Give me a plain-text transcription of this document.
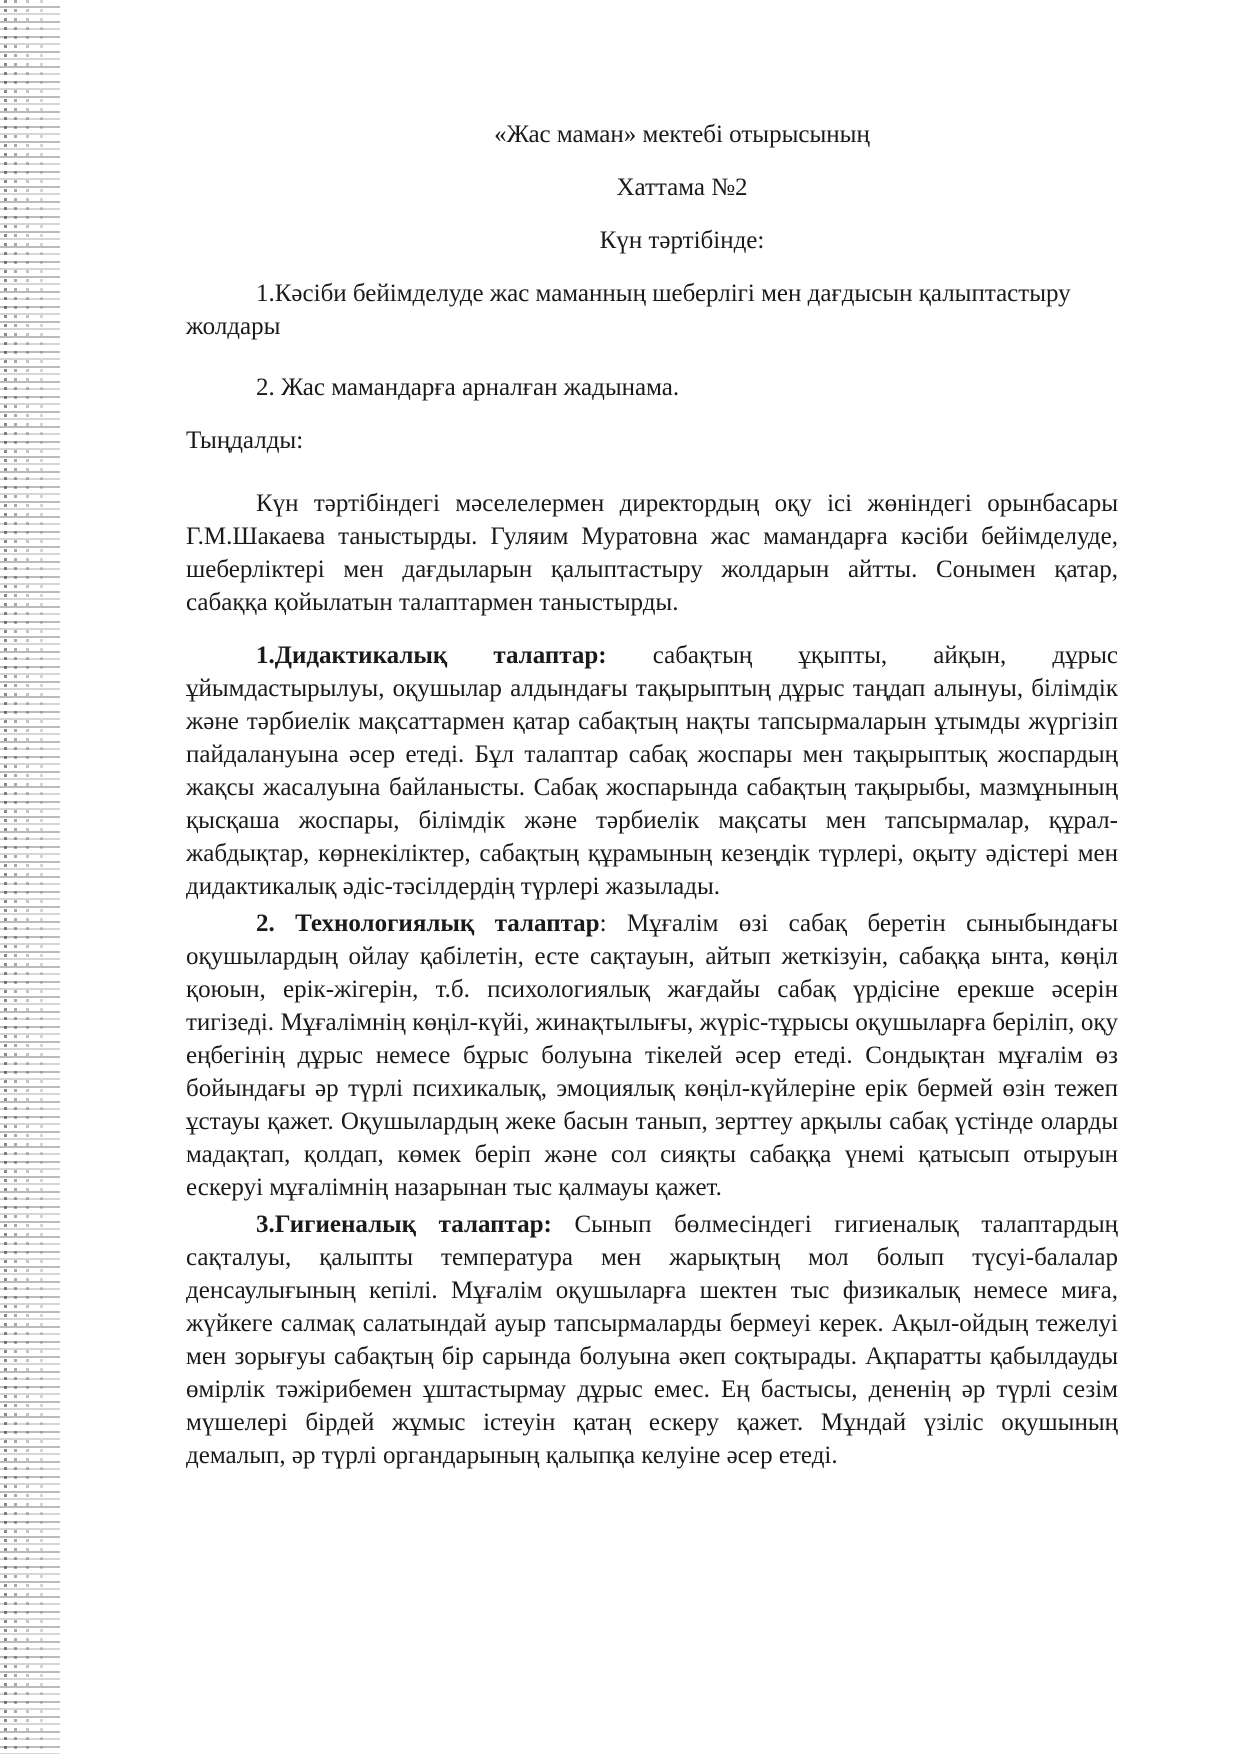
«Жас маман» мектебі отырысының

Хаттама №2

Күн тәртібінде:

1.Кәсіби бейімделуде жас маманның шеберлігі мен дағдысын қалыптастыру жолдары

2. Жас мамандарға арналған жадынама.

Тыңдалды:

Күн тәртібіндегі мәселелермен директордың оқу ісі жөніндегі орынбасары Г.М.Шакаева таныстырды. Гуляим Муратовна жас мамандарға кәсіби бейімделуде, шеберліктері мен дағдыларын қалыптастыру жолдарын айтты. Сонымен қатар, сабаққа қойылатын талаптармен таныстырды.

1.Дидактикалық талаптар: сабақтың ұқыпты, айқын, дұрыс ұйымдастырылуы, оқушылар алдындағы тақырыптың дұрыс таңдап алынуы, білімдік және тәрбиелік мақсаттармен қатар сабақтың нақты тапсырмаларын ұтымды жүргізіп пайдалануына әсер етеді. Бұл талаптар сабақ жоспары мен тақырыптық жоспардың жақсы жасалуына байланысты. Сабақ жоспарында сабақтың тақырыбы, мазмұнының қысқаша жоспары, білімдік және тәрбиелік мақсаты мен тапсырмалар, құрал-жабдықтар, көрнекіліктер, сабақтың құрамының кезеңдік түрлері, оқыту әдістері мен дидактикалық әдіс-тәсілдердің түрлері жазылады.

2. Технологиялық талаптар: Мұғалім өзі сабақ беретін сыныбындағы оқушылардың ойлау қабілетін, есте сақтауын, айтып жеткізуін, сабаққа ынта, көңіл қоюын, ерік-жігерін, т.б. психологиялық жағдайы сабақ үрдісіне ерекше әсерін тигізеді. Мұғалімнің көңіл-күйі, жинақтылығы, жүріс-тұрысы оқушыларға беріліп, оқу еңбегінің дұрыс немесе бұрыс болуына тікелей әсер етеді. Сондықтан мұғалім өз бойындағы әр түрлі психикалық, эмоциялық көңіл-күйлеріне ерік бермей өзін тежеп ұстауы қажет. Оқушылардың жеке басын танып, зерттеу арқылы сабақ үстінде оларды мадақтап, қолдап, көмек беріп және сол сияқты сабаққа үнемі қатысып отыруын ескеруі мұғалімнің назарынан тыс қалмауы қажет.

3.Гигиеналық талаптар: Сынып бөлмесіндегі гигиеналық талаптардың сақталуы, қалыпты температура мен жарықтың мол болып түсуі-балалар денсаулығының кепілі. Мұғалім оқушыларға шектен тыс физикалық немесе миға, жүйкеге салмақ салатындай ауыр тапсырмаларды бермеуі керек. Ақыл-ойдың тежелуі мен зорығуы сабақтың бір сарында болуына әкеп соқтырады. Ақпаратты қабылдауды өмірлік тәжірибемен ұштастырмау дұрыс емес. Ең бастысы, дененің әр түрлі сезім мүшелері бірдей жұмыс істеуін қатаң ескеру қажет. Мұндай үзіліс оқушының демалып, әр түрлі органдарының қалыпқа келуіне әсер етеді.
